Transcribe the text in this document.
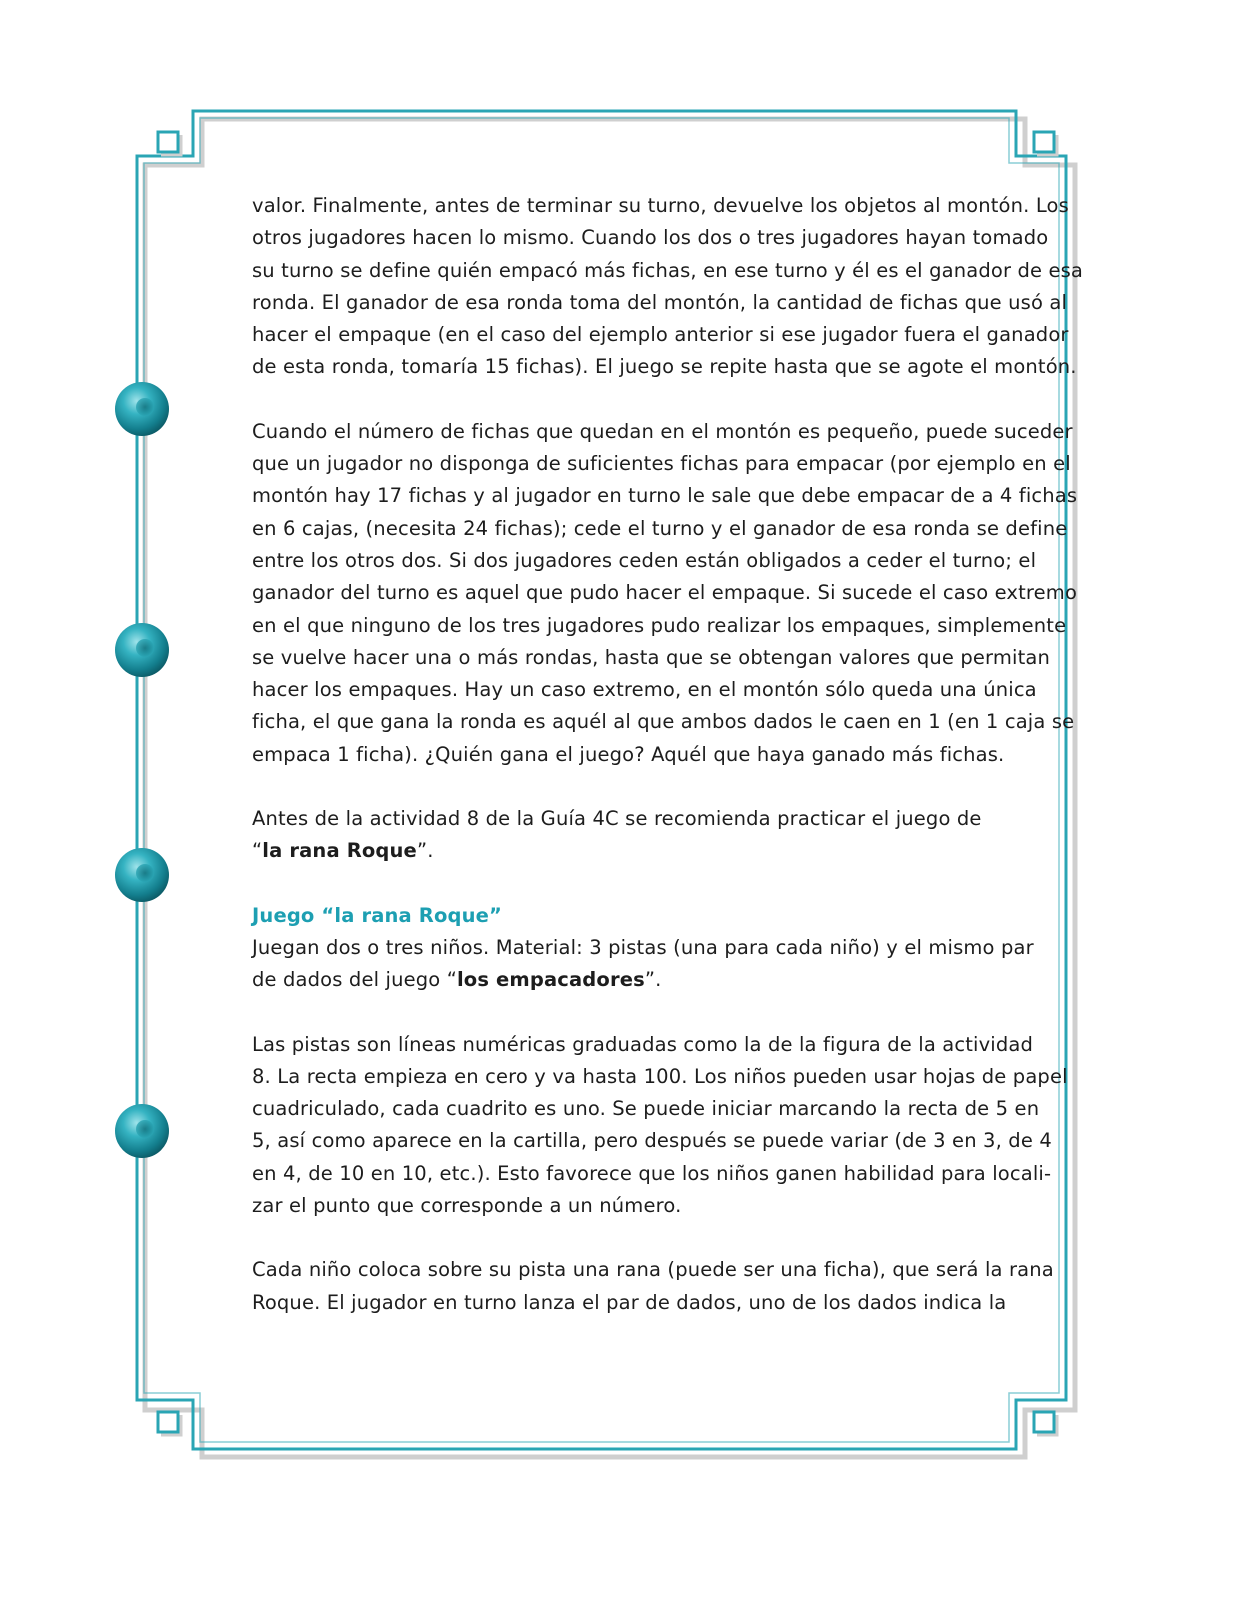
valor. Finalmente, antes de terminar su turno, devuelve los objetos al montón. Los
otros jugadores hacen lo mismo. Cuando los dos o tres jugadores hayan tomado
su turno se define quién empacó más fichas, en ese turno y él es el ganador de esa
ronda. El ganador de esa ronda toma del montón, la cantidad de fichas que usó al
hacer el empaque (en el caso del ejemplo anterior si ese jugador fuera el ganador
de esta ronda, tomaría 15 fichas). El juego se repite hasta que se agote el montón.

Cuando el número de fichas que quedan en el montón es pequeño, puede suceder
que un jugador no disponga de suficientes fichas para empacar (por ejemplo en el
montón hay 17 fichas y al jugador en turno le sale que debe empacar de a 4 fichas
en 6 cajas, (necesita 24 fichas); cede el turno y el ganador de esa ronda se define
entre los otros dos. Si dos jugadores ceden están obligados a ceder el turno; el
ganador del turno es aquel que pudo hacer el empaque. Si sucede el caso extremo
en el que ninguno de los tres jugadores pudo realizar los empaques, simplemente
se vuelve hacer una o más rondas, hasta que se obtengan valores que permitan
hacer los empaques. Hay un caso extremo, en el montón sólo queda una única
ficha, el que gana la ronda es aquél al que ambos dados le caen en 1 (en 1 caja se
empaca 1 ficha). ¿Quién gana el juego? Aquél que haya ganado más fichas.

Antes de la actividad 8 de la Guía 4C se recomienda practicar el juego de
“la rana Roque”.

Juego “la rana Roque”
Juegan dos o tres niños. Material: 3 pistas (una para cada niño) y el mismo par
de dados del juego “los empacadores”.

Las pistas son líneas numéricas graduadas como la de la figura de la actividad
8. La recta empieza en cero y va hasta 100. Los niños pueden usar hojas de papel
cuadriculado, cada cuadrito es uno. Se puede iniciar marcando la recta de 5 en
5, así como aparece en la cartilla, pero después se puede variar (de 3 en 3, de 4
en 4, de 10 en 10, etc.). Esto favorece que los niños ganen habilidad para locali-
zar el punto que corresponde a un número.

Cada niño coloca sobre su pista una rana (puede ser una ficha), que será la rana
Roque. El jugador en turno lanza el par de dados, uno de los dados indica la
